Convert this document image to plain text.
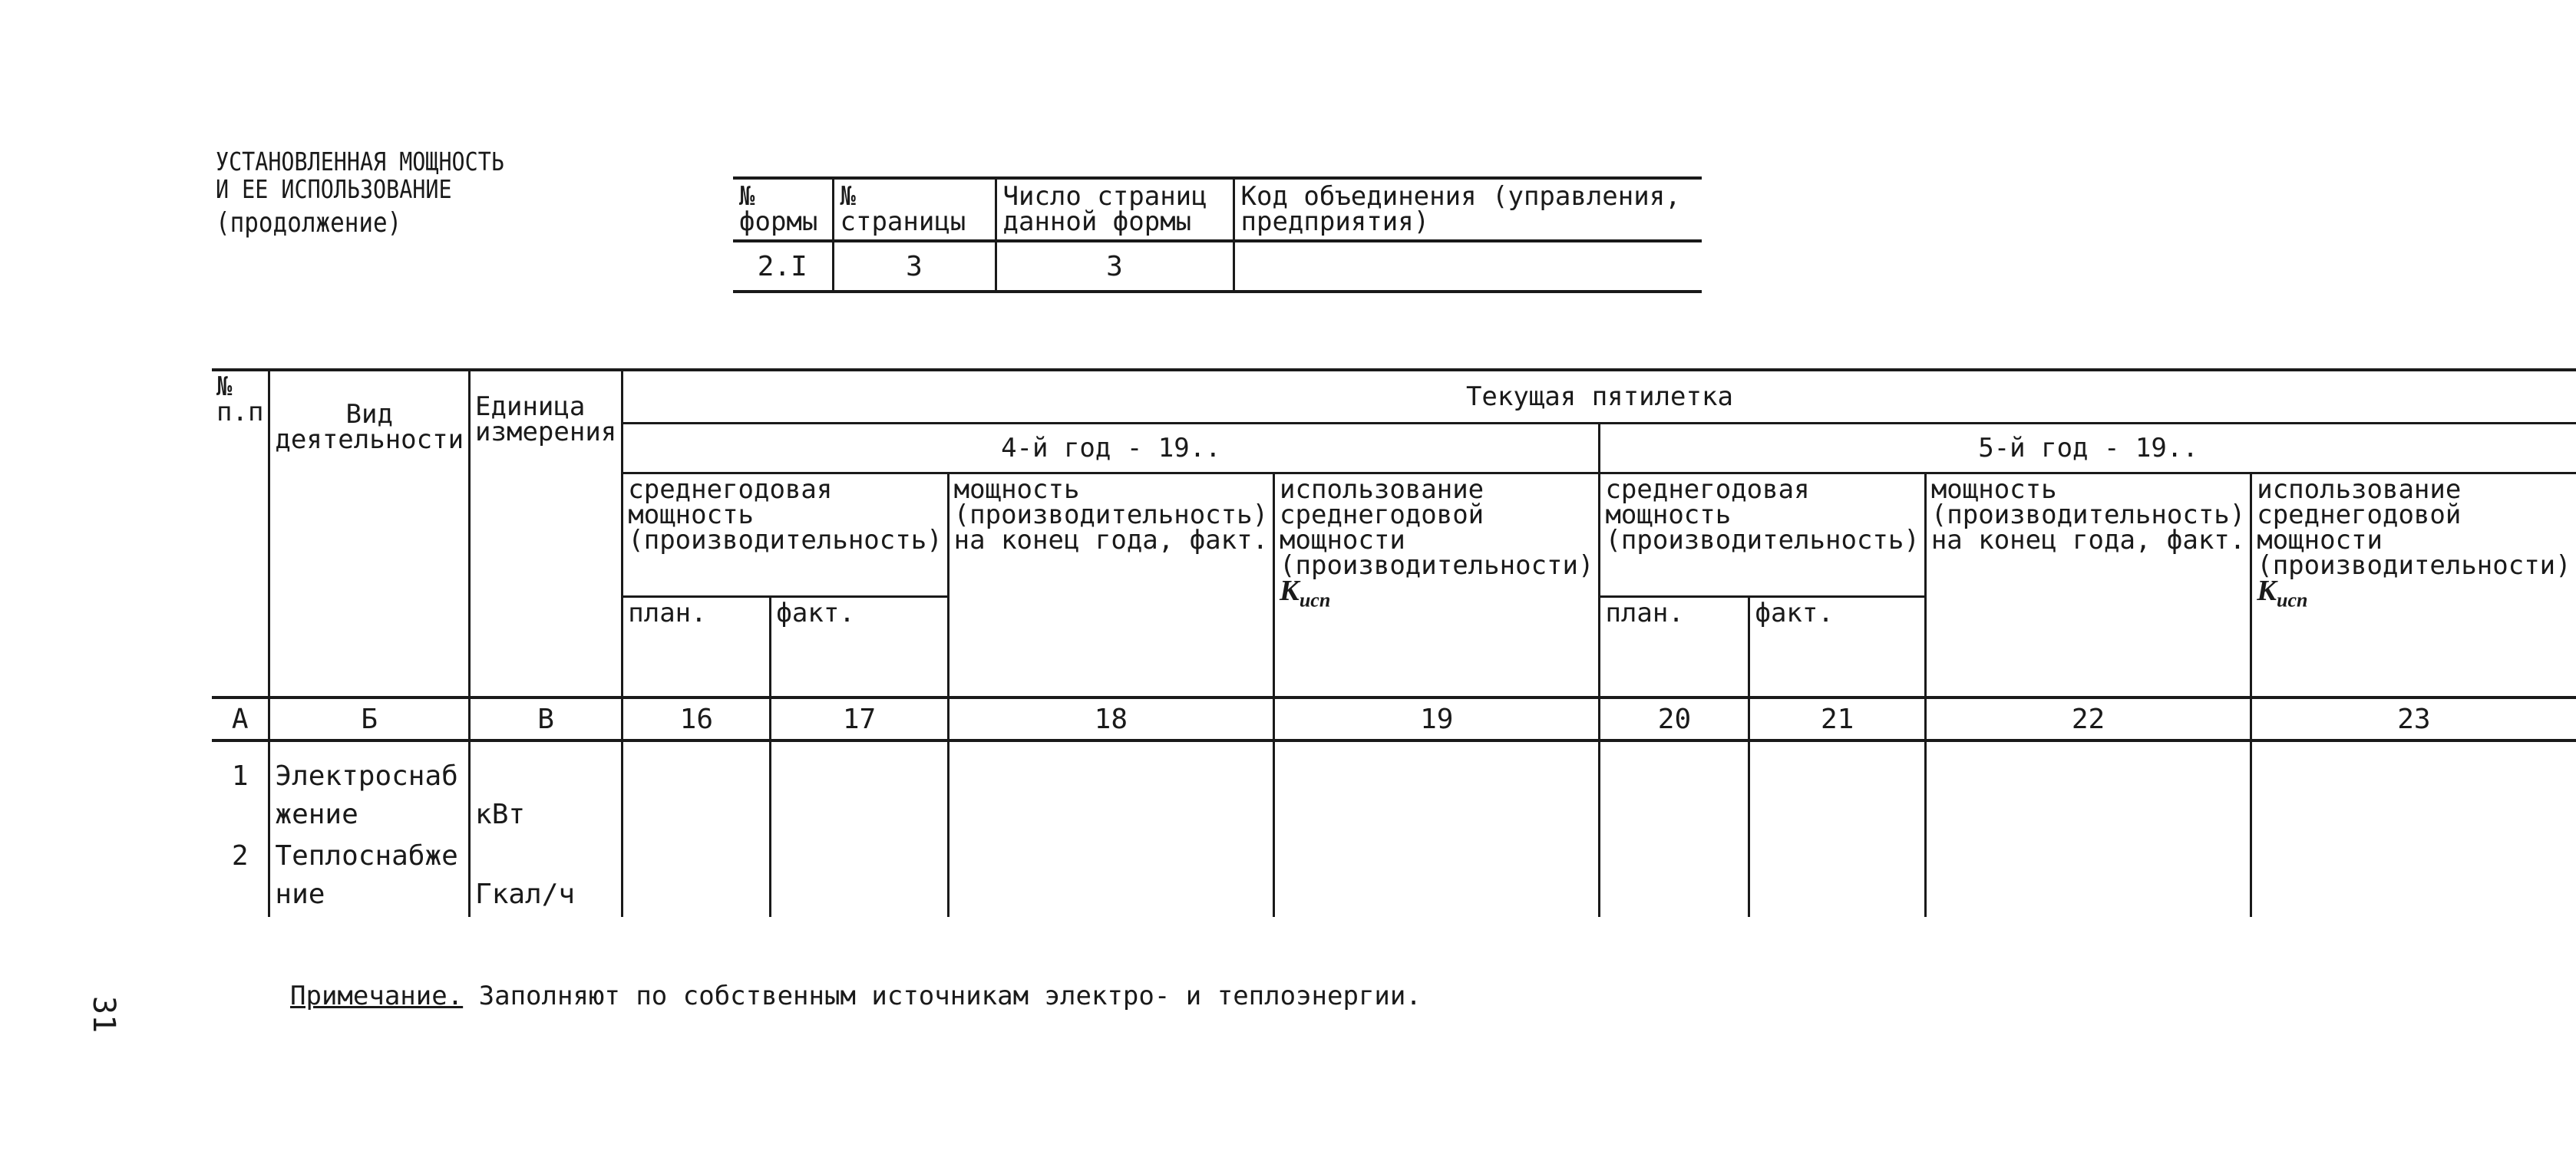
УСТАНОВЛЕННАЯ МОЩНОСТЬ
И ЕЕ ИСПОЛЬЗОВАНИЕ
(продолжение)
№ формы	№ страницы	Число страниц данной формы	Код объединения (управления, предприятия)
2.I	3	3	
№ п.п	Вид деятельности	Единица измерения	Текущая пятилетка							
			4-й год - 19..				5-й год - 19..			
			среднегодовая мощность (производительность)		мощность (производительность) на конец года, факт.	использование среднегодовой мощности (производительности) $К_{исп}$	среднегодовая мощность (производительность)		мощность (производительность) на конец года, факт.	использование среднегодовой мощности (производительности) $К_{исп}$
			план.	факт.			план.	факт.		
А	Б	В	16	17	18	19	20	21	22	23
1	Электроснабжение	кВт								
2	Теплоснабжение	Гкал/ч								
Примечание. Заполняют по собственным источникам электро- и теплоэнергии.
31
